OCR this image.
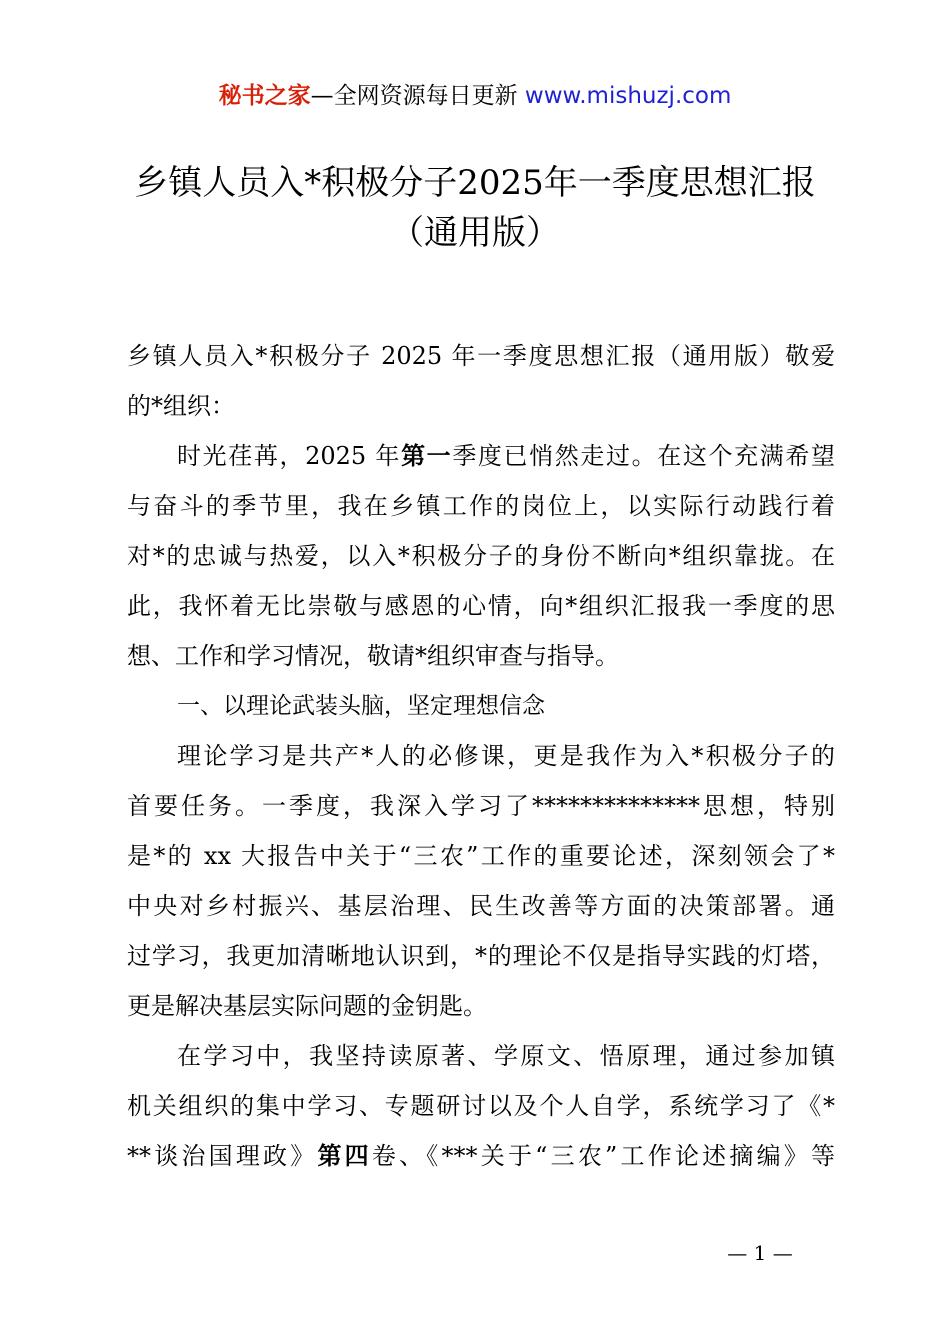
秘书之家—全网资源每日更新 www.mishuzj.com
乡镇人员入*积极分子2025年一季度思想汇报
（通用版）
乡镇人员入*积极分子 2025 年一季度思想汇报（通用版）敬爱
的*组织：
时光荏苒，2025 年第一季度已悄然走过。在这个充满希望
与奋斗的季节里，我在乡镇工作的岗位上，以实际行动践行着
对*的忠诚与热爱，以入*积极分子的身份不断向*组织靠拢。在
此，我怀着无比崇敬与感恩的心情，向*组织汇报我一季度的思
想、工作和学习情况，敬请*组织审查与指导。
一、以理论武装头脑，坚定理想信念
理论学习是共产*人的必修课，更是我作为入*积极分子的
首要任务。一季度，我深入学习了**************思想，特别
是*的 xx 大报告中关于“三农”工作的重要论述，深刻领会了*
中央对乡村振兴、基层治理、民生改善等方面的决策部署。通
过学习，我更加清晰地认识到，*的理论不仅是指导实践的灯塔，
更是解决基层实际问题的金钥匙。
在学习中，我坚持读原著、学原文、悟原理，通过参加镇
机关组织的集中学习、专题研讨以及个人自学，系统学习了《*
**谈治国理政》第四卷、《***关于“三农”工作论述摘编》等
— 1 —
